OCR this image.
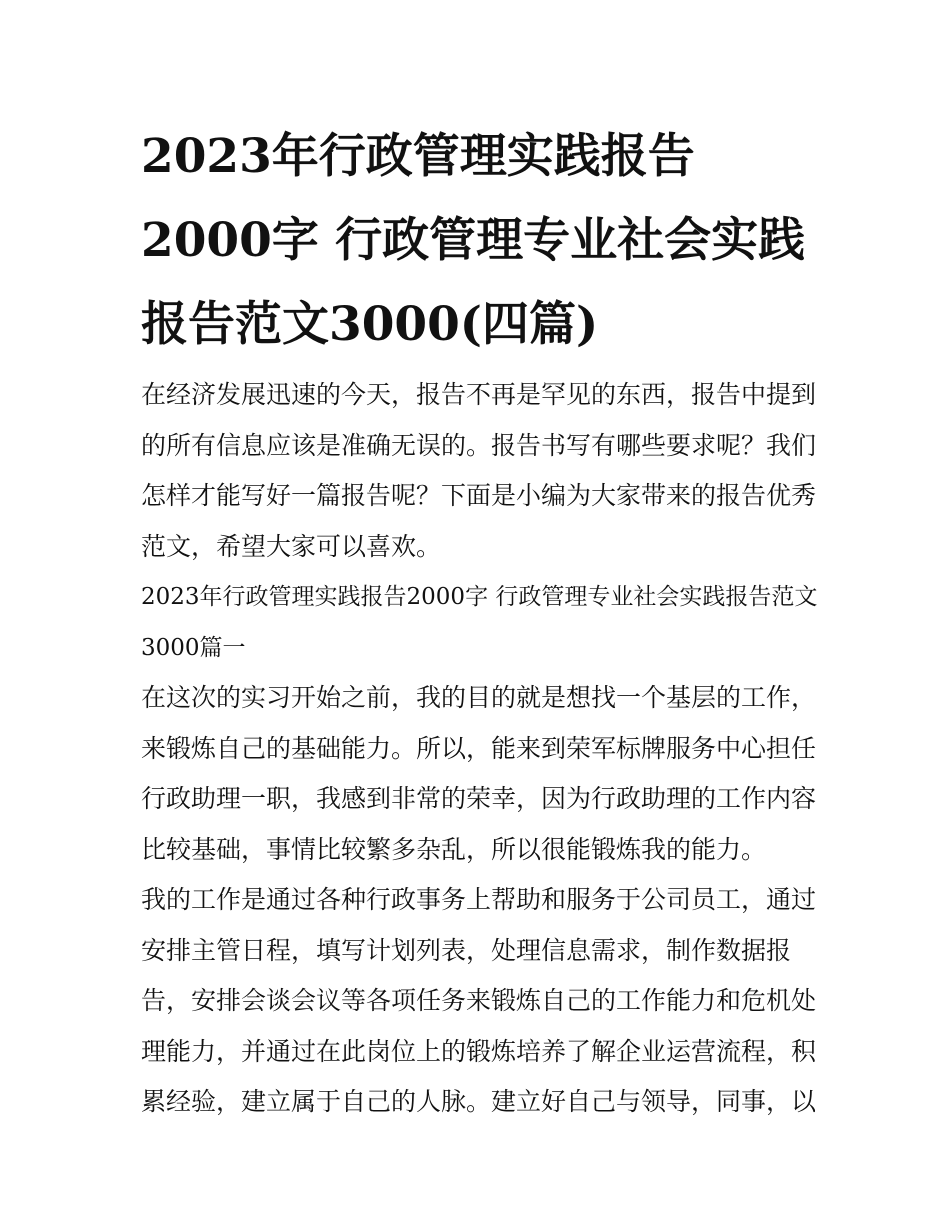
2023年行政管理实践报告2000字 行政管理专业社会实践报告范文3000(四篇)

在经济发展迅速的今天，报告不再是罕见的东西，报告中提到的所有信息应该是准确无误的。报告书写有哪些要求呢？我们怎样才能写好一篇报告呢？下面是小编为大家带来的报告优秀范文，希望大家可以喜欢。

2023年行政管理实践报告2000字 行政管理专业社会实践报告范文3000篇一

在这次的实习开始之前，我的目的就是想找一个基层的工作，来锻炼自己的基础能力。所以，能来到荣军标牌服务中心担任行政助理一职，我感到非常的荣幸，因为行政助理的工作内容比较基础，事情比较繁多杂乱，所以很能锻炼我的能力。

我的工作是通过各种行政事务上帮助和服务于公司员工，通过安排主管日程，填写计划列表，处理信息需求，制作数据报告，安排会谈会议等各项任务来锻炼自己的工作能力和危机处理能力，并通过在此岗位上的锻炼培养了解企业运营流程，积累经验，建立属于自己的人脉。建立好自己与领导，同事，以
